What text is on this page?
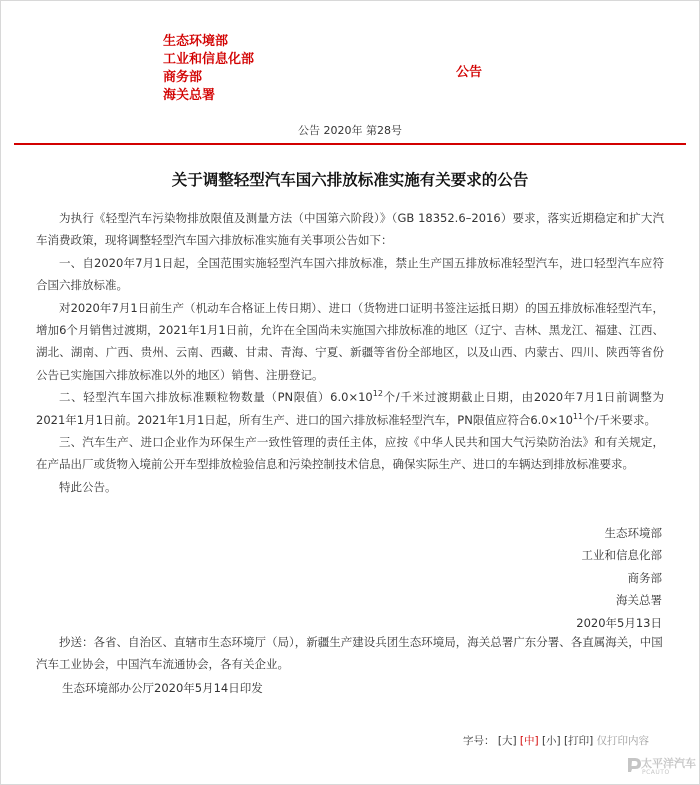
生态环境部
工业和信息化部
商务部
海关总署
公告
公告 2020年 第28号
关于调整轻型汽车国六排放标准实施有关要求的公告

为执行《轻型汽车污染物排放限值及测量方法（中国第六阶段）》（GB 18352.6–2016）要求，落实近期稳定和扩大汽车消费政策，现将调整轻型汽车国六排放标准实施有关事项公告如下：

一、自2020年7月1日起，全国范围实施轻型汽车国六排放标准，禁止生产国五排放标准轻型汽车，进口轻型汽车应符合国六排放标准。

对2020年7月1日前生产（机动车合格证上传日期）、进口（货物进口证明书签注运抵日期）的国五排放标准轻型汽车，增加6个月销售过渡期，2021年1月1日前，允许在全国尚未实施国六排放标准的地区（辽宁、吉林、黑龙江、福建、江西、湖北、湖南、广西、贵州、云南、西藏、甘肃、青海、宁夏、新疆等省份全部地区，以及山西、内蒙古、四川、陕西等省份公告已实施国六排放标准以外的地区）销售、注册登记。

二、轻型汽车国六排放标准颗粒物数量（PN限值）$6.0\times 10^{12}$个/千米过渡期截止日期，由2020年7月1日前调整为2021年1月1日前。2021年1月1日起，所有生产、进口的国六排放标准轻型汽车，PN限值应符合$6.0\times 10^{11}$个/千米要求。

三、汽车生产、进口企业作为环保生产一致性管理的责任主体，应按《中华人民共和国大气污染防治法》和有关规定，在产品出厂或货物入境前公开车型排放检验信息和污染控制技术信息，确保实际生产、进口的车辆达到排放标准要求。

特此公告。

生态环境部
工业和信息化部
商务部
海关总署
2020年5月13日

抄送：各省、自治区、直辖市生态环境厅（局），新疆生产建设兵团生态环境局，海关总署广东分署、各直属海关，中国汽车工业协会，中国汽车流通协会，各有关企业。

生态环境部办公厅2020年5月14日印发
字号： [大] [中] [小] [打印] 仅打印内容
太平洋汽车
PCAUTO
